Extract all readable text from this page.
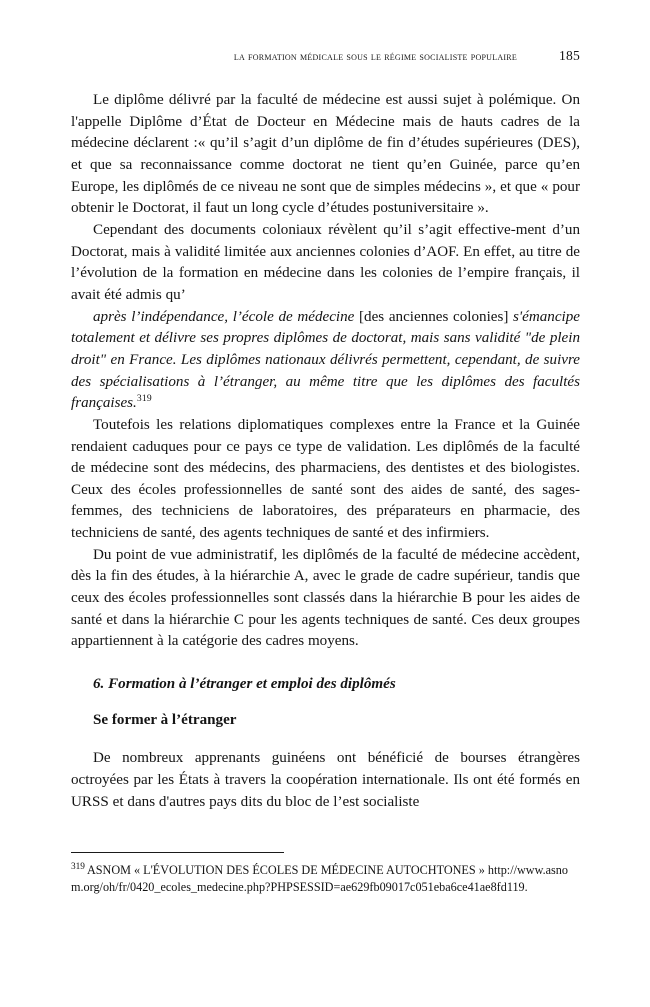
la formation médicale sous le régime socialiste populaire	185

Le diplôme délivré par la faculté de médecine est aussi sujet à polémique. On l'appelle Diplôme d’État de Docteur en Médecine mais de hauts cadres de la médecine déclarent :« qu’il s’agit d’un diplôme de fin d’études supérieures (DES), et que sa reconnaissance comme doctorat ne tient qu’en Guinée, parce qu’en Europe, les diplômés de ce niveau ne sont que de simples médecins », et que « pour obtenir le Doctorat, il faut un long cycle d’études postuniversitaire ».

Cependant des documents coloniaux révèlent qu’il s’agit effective-ment d’un Doctorat, mais à validité limitée aux anciennes colonies d’AOF. En effet, au titre de l’évolution de la formation en médecine dans les colonies de l’empire français, il avait été admis qu’

après l’indépendance, l’école de médecine [des anciennes colonies] s'émancipe totalement et délivre ses propres diplômes de doctorat, mais sans validité "de plein droit" en France. Les diplômes nationaux délivrés permettent, cependant, de suivre des spécialisations à l’étranger, au même titre que les diplômes des facultés françaises.$^{319}$

Toutefois les relations diplomatiques complexes entre la France et la Guinée rendaient caduques pour ce pays ce type de validation. Les diplômés de la faculté de médecine sont des médecins, des pharmaciens, des dentistes et des biologistes. Ceux des écoles professionnelles de santé sont des aides de santé, des sages-femmes, des techniciens de laboratoires, des préparateurs en pharmacie, des techniciens de santé, des agents techniques de santé et des infirmiers.

Du point de vue administratif, les diplômés de la faculté de médecine accèdent, dès la fin des études, à la hiérarchie A, avec le grade de cadre supérieur, tandis que ceux des écoles professionnelles sont classés dans la hiérarchie B pour les aides de santé et dans la hiérarchie C pour les agents techniques de santé. Ces deux groupes appartiennent à la catégorie des cadres moyens.

6. Formation à l’étranger et emploi des diplômés
Se former à l’étranger

De nombreux apprenants guinéens ont bénéficié de bourses étrangères octroyées par les États à travers la coopération internationale. Ils ont été formés en URSS et dans d'autres pays dits du bloc de l’est socialiste

$^{319}$ ASNOM « L'ÉVOLUTION DES ÉCOLES DE MÉDECINE AUTOCHTONES » http://www.asnom.org/oh/fr/0420_ecoles_medecine.php?PHPSESSID=ae629fb09017c051eba6ce41ae8fd119.
